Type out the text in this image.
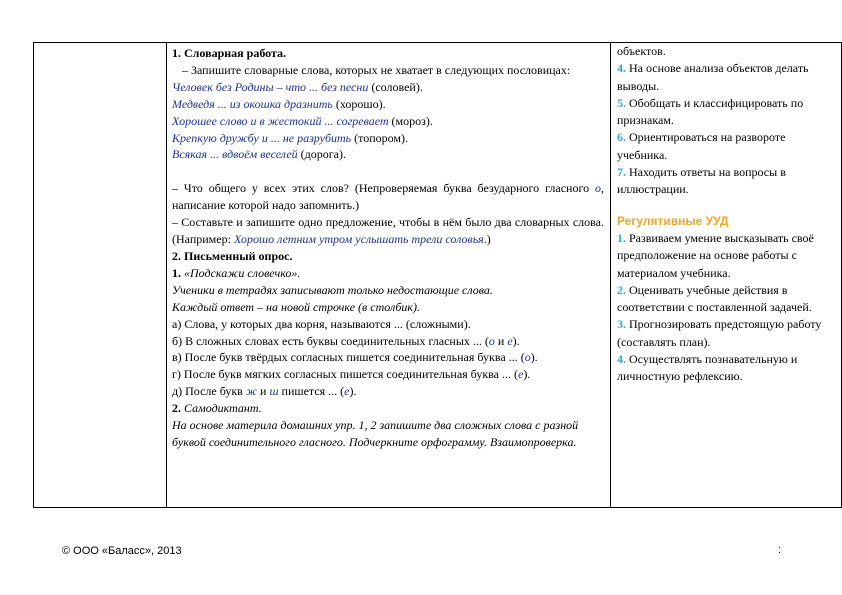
1. Словарная работа.

– Запишите словарные слова, которых не хватает в следующих пословицах:

Человек без Родины – что ... без песни (соловей).

Медведя ... из окошка дразнить (хорошо).

Хорошее слово и в жестокий ... согревает (мороз).

Крепкую дружбу и ... не разрубить (топором).

Всякая ... вдвоём веселей (дорога).

– Что общего у всех этих слов? (Непроверяемая буква безударного гласного о, написание которой надо запомнить.)

– Составьте и запишите одно предложение, чтобы в нём было два словарных слова. (Например: Хорошо летним утром услышать трели соловья.)

2. Письменный опрос.

1. «Подскажи словечко».

Ученики в тетрадях записывают только недостающие слова.

Каждый ответ – на новой строчке (в столбик).

а) Слова, у которых два корня, называются ... (сложными).

б) В сложных словах есть буквы соединительных гласных ... (о и е).

в) После букв твёрдых согласных пишется соединительная буква ... (о).

г) После букв мягких согласных пишется соединительная буква ... (е).

д) После букв ж и ш пишется ... (е).

2. Самодиктант.

На основе материла домашних упр. 1, 2 запишите два сложных слова с разной буквой соединительного гласного. Подчеркните орфограмму. Взаимопроверка.

объектов.

4. На основе анализа объектов делать выводы.

5. Обобщать и классифицировать по признакам.

6. Ориентироваться на развороте учебника.

7. Находить ответы на вопросы в иллюстрации.

Регулятивные УУД

1. Развиваем умение высказывать своё предположение на основе работы с материалом учебника.

2. Оценивать учебные действия в соответствии с поставленной задачей.

3. Прогнозировать предстоящую работу (составлять план).

4. Осуществлять познавательную и личностную рефлексию.

© ООО «Баласс», 2013	:
